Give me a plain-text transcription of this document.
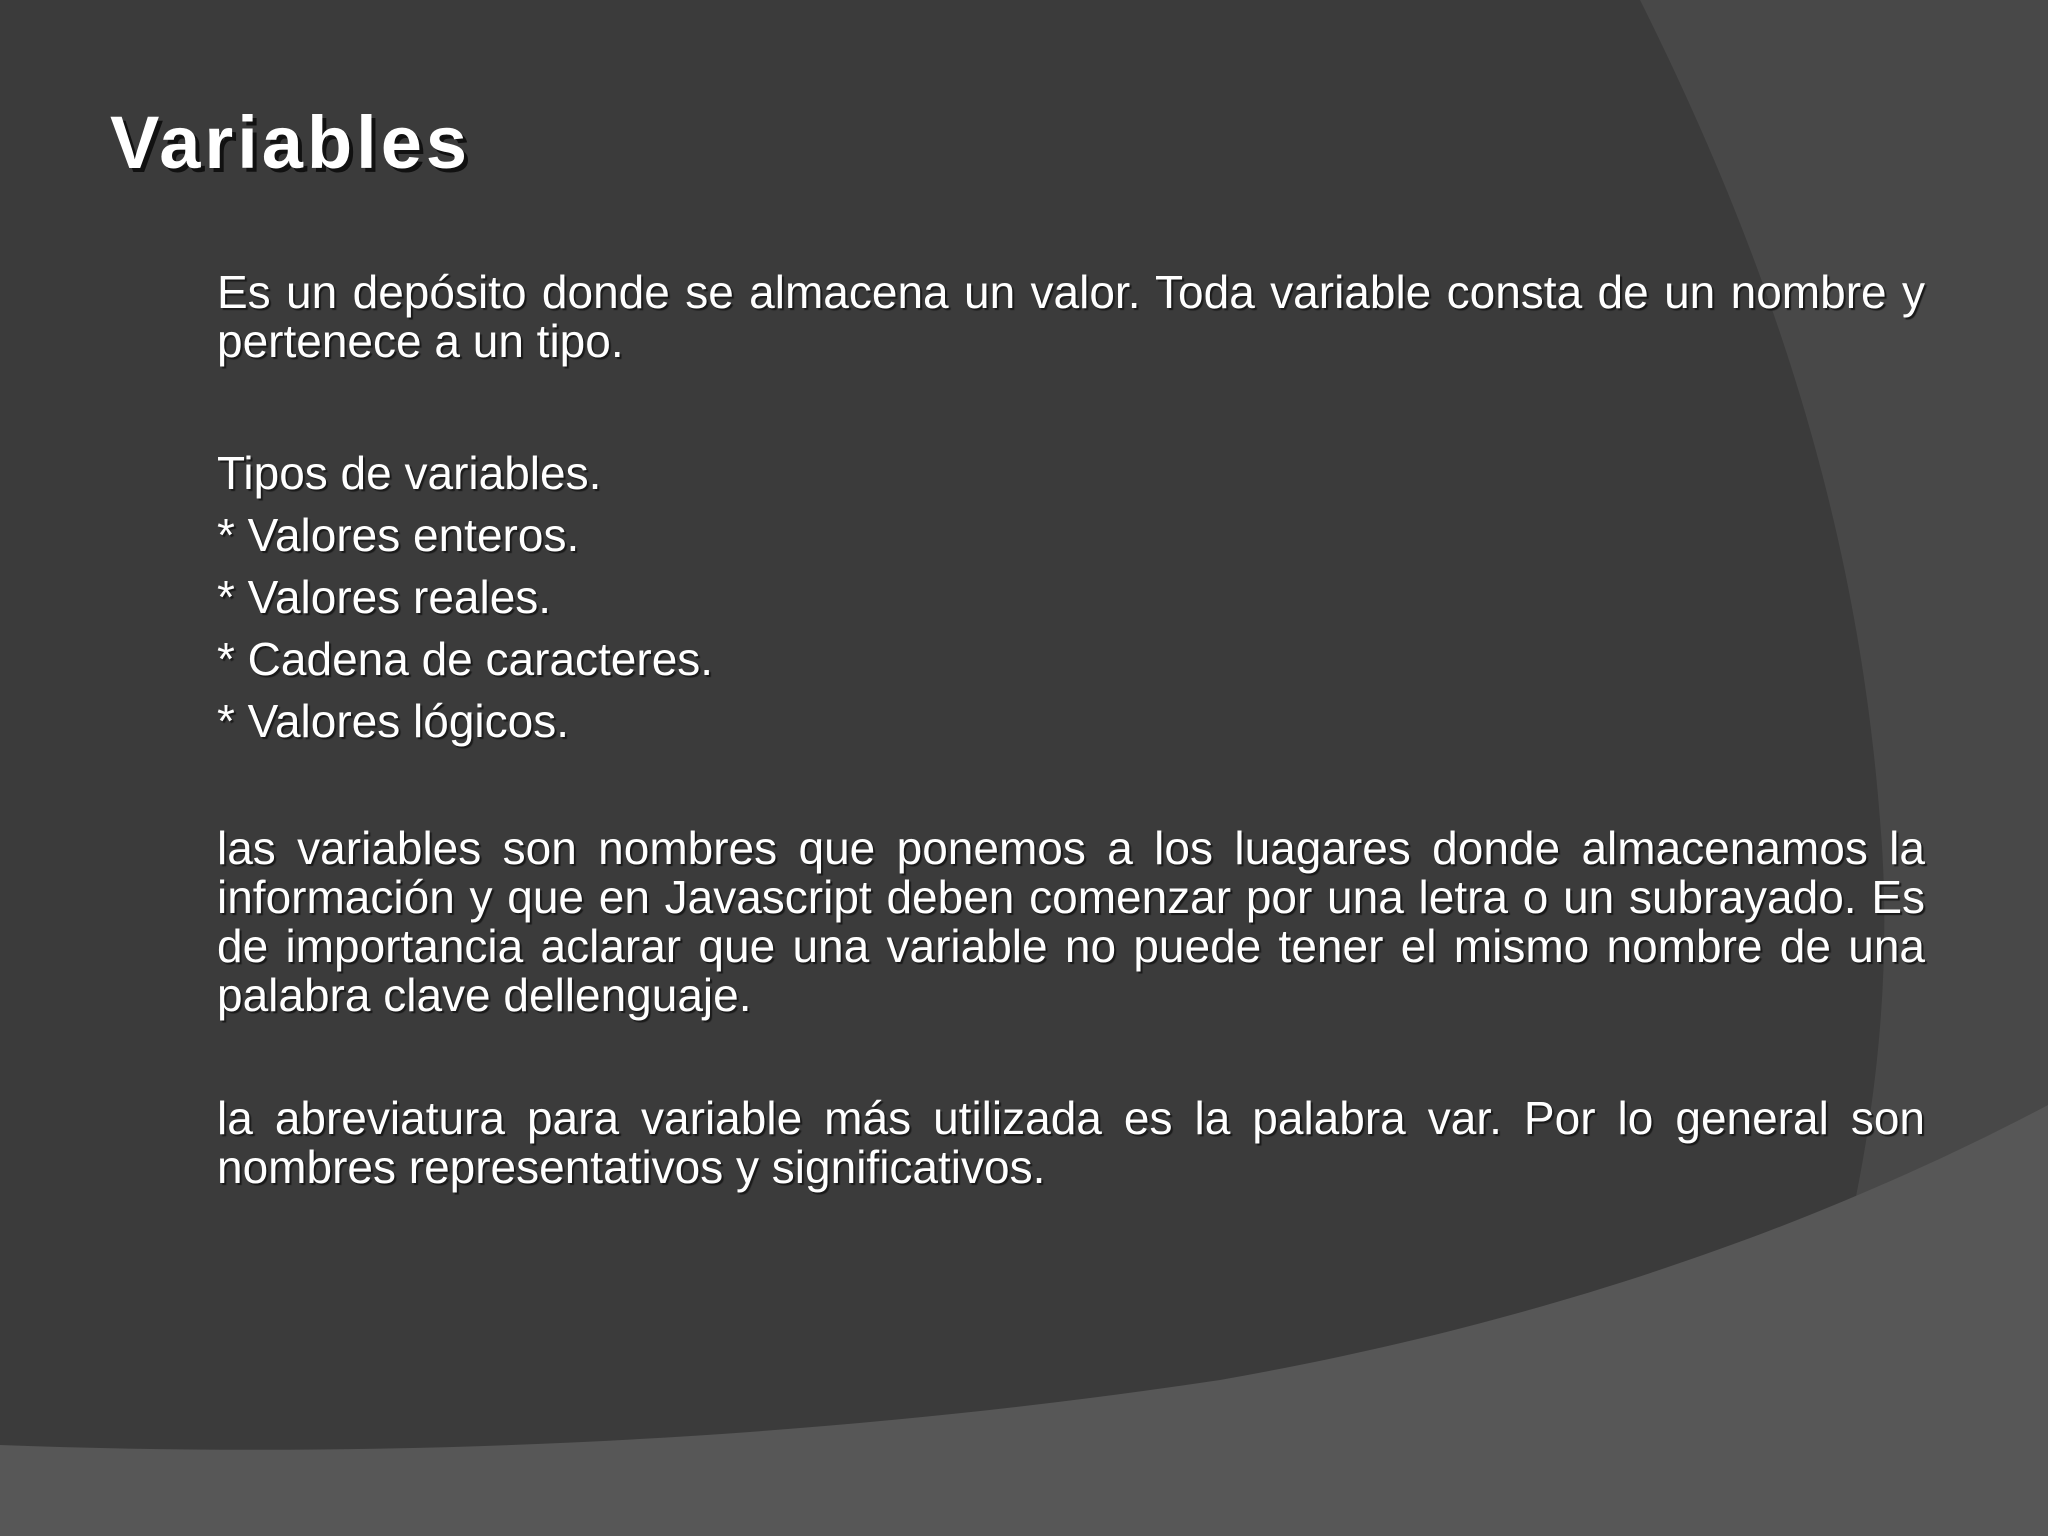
Variables

Es un depósito donde se almacena un valor. Toda variable consta de un nombre y pertenece a un tipo.

Tipos de variables.

* Valores enteros.
* Valores reales.
* Cadena de caracteres.
* Valores lógicos.

las variables son nombres que ponemos a los luagares donde almacenamos la información y que en Javascript deben comenzar por una letra o un subrayado. Es de importancia aclarar que una variable no puede tener el mismo nombre de una palabra clave dellenguaje.

la abreviatura para variable más utilizada es la palabra var. Por lo general son nombres representativos y significativos.
